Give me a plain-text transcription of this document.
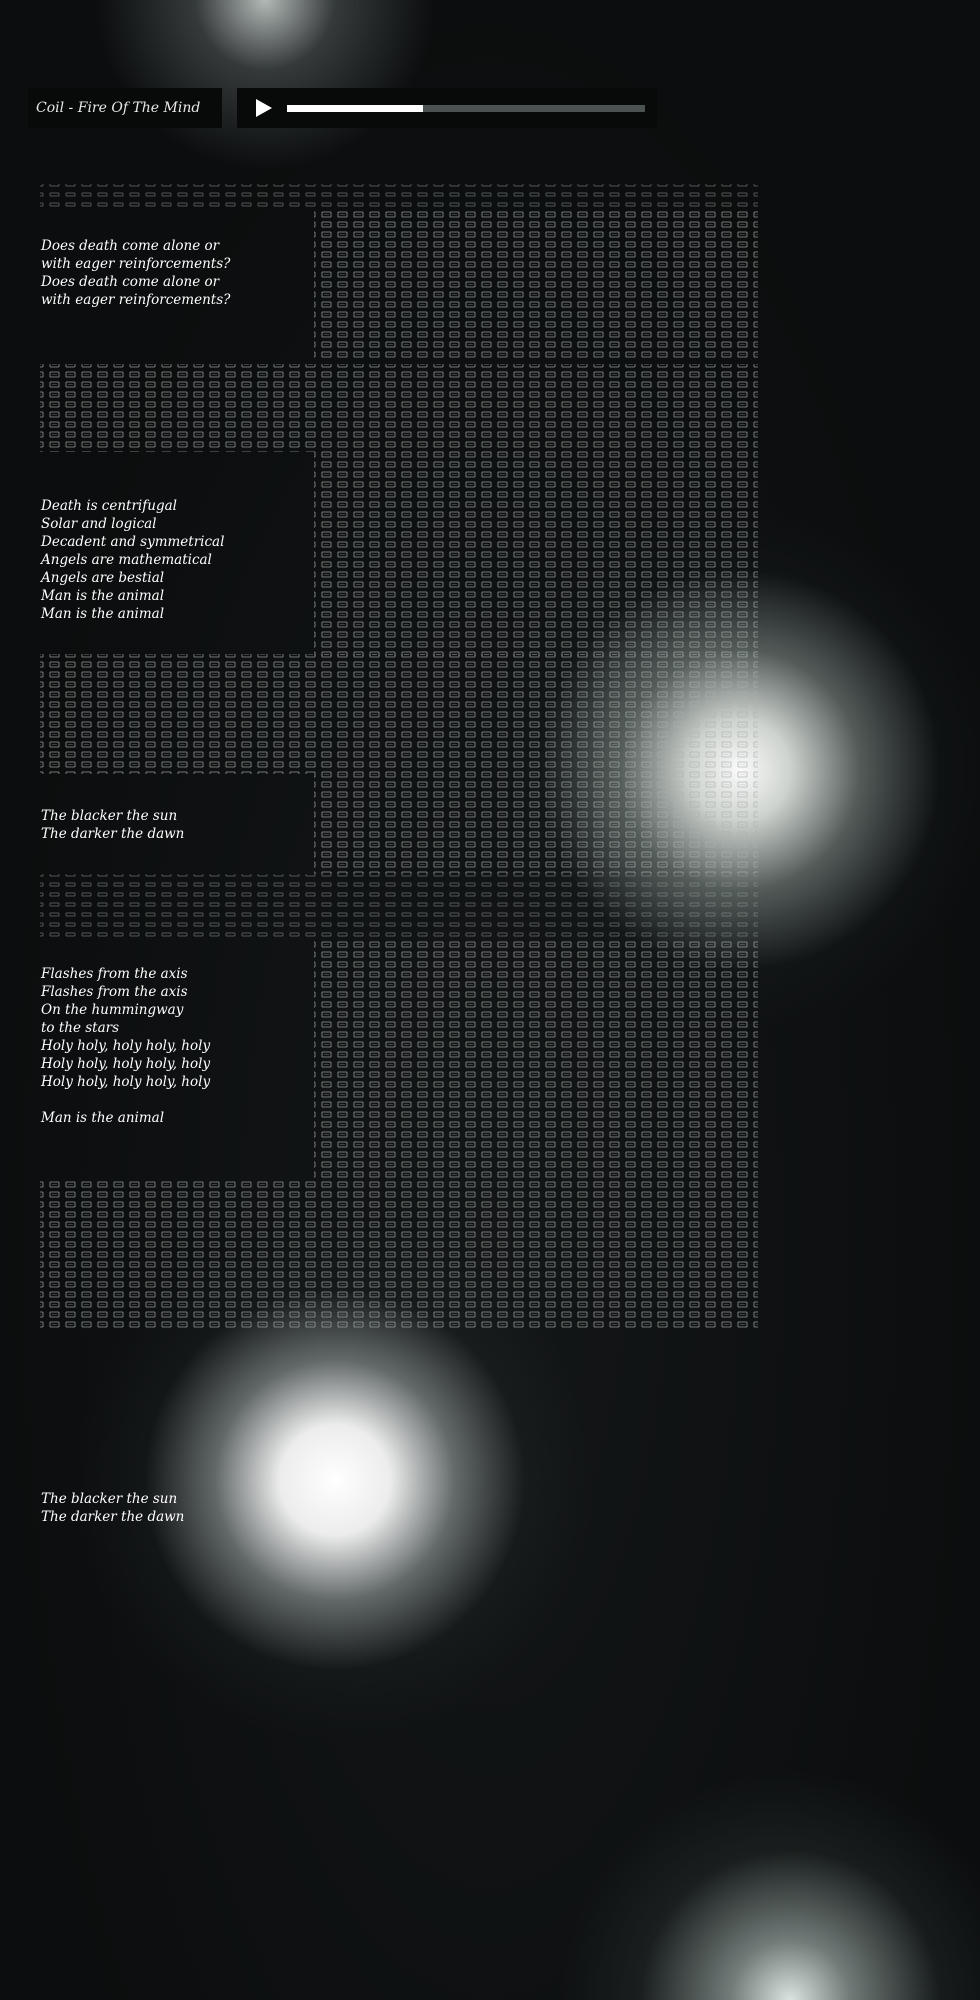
Coil - Fire Of The Mind

Does death come alone or
with eager reinforcements?
Does death come alone or
with eager reinforcements?

Death is centrifugal
Solar and logical
Decadent and symmetrical
Angels are mathematical
Angels are bestial
Man is the animal
Man is the animal

The blacker the sun
The darker the dawn

Flashes from the axis
Flashes from the axis
On the hummingway
to the stars
Holy holy, holy holy, holy
Holy holy, holy holy, holy
Holy holy, holy holy, holy
Man is the animal

The blacker the sun
The darker the dawn
